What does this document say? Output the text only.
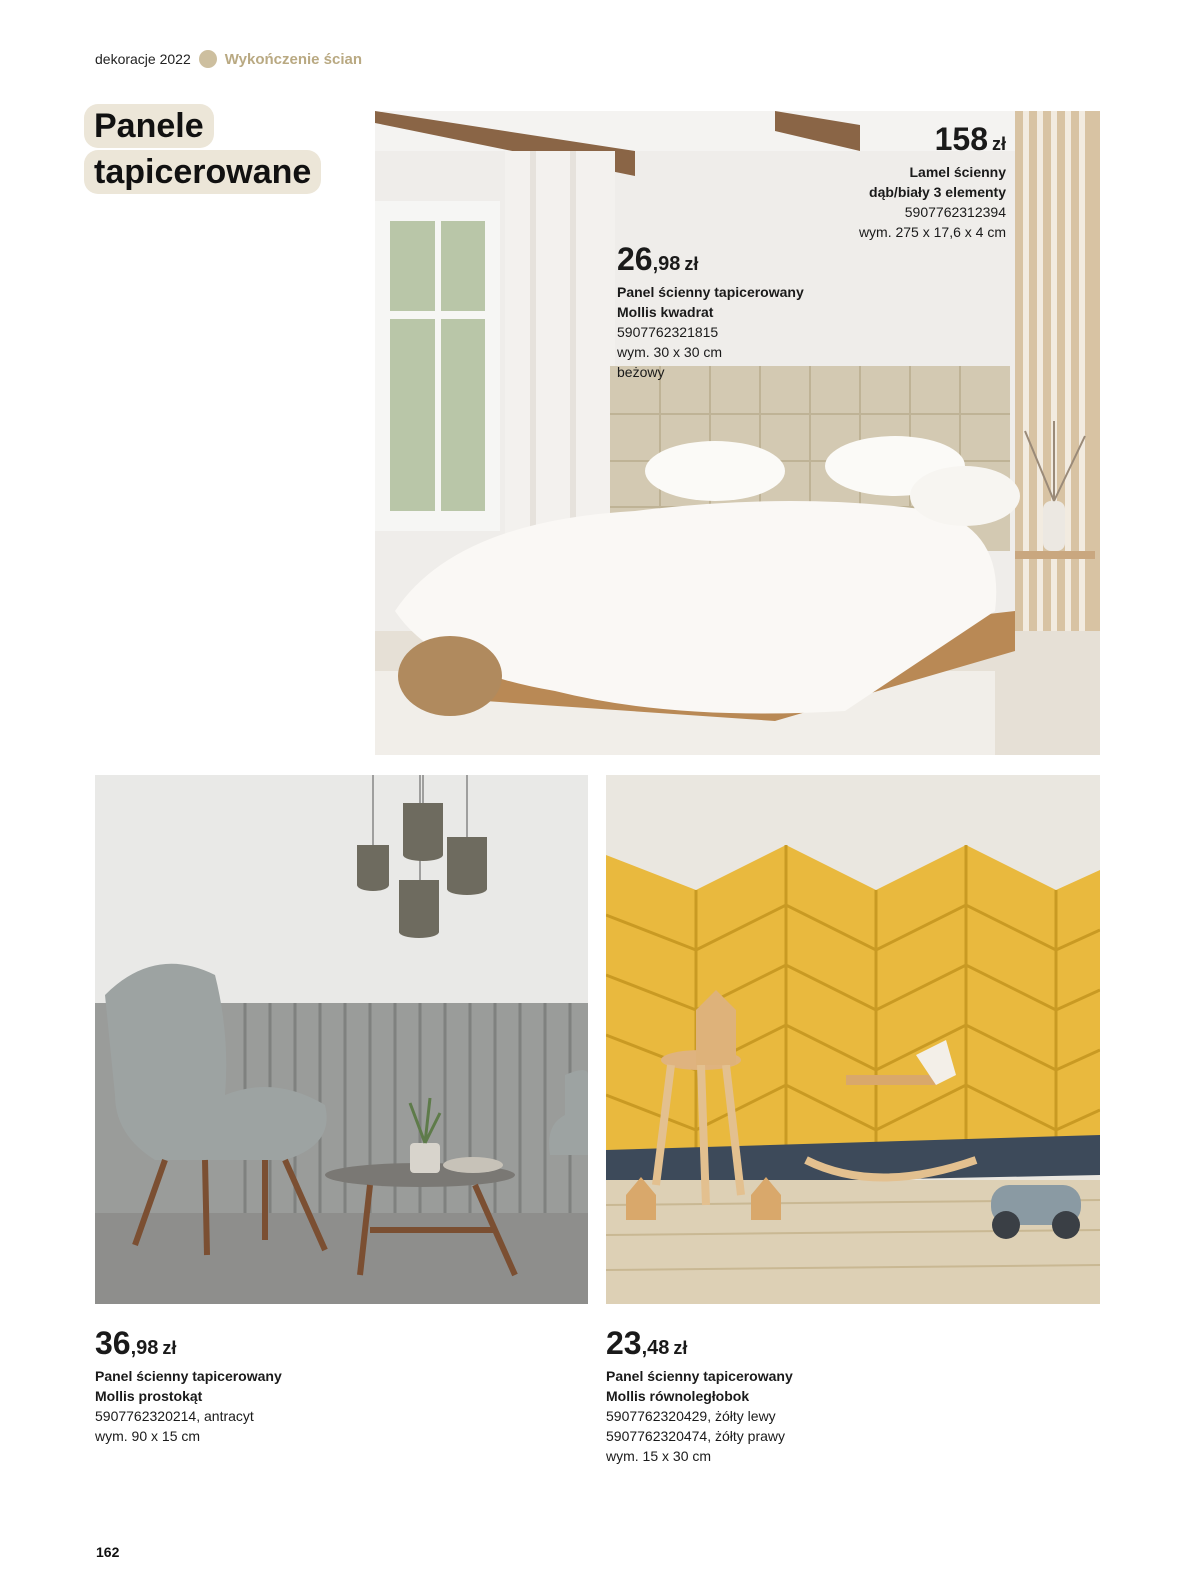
dekoracje 2022 Wykończenie ścian
Panele
tapicerowane
158 zł
Lamel ścienny
dąb/biały 3 elementy
5907762312394
wym. 275 x 17,6 x 4 cm
26,98 zł
Panel ścienny tapicerowany
Mollis kwadrat
5907762321815
wym. 30 x 30 cm
beżowy
36,98 zł
Panel ścienny tapicerowany
Mollis prostokąt
5907762320214, antracyt
wym. 90 x 15 cm
23,48 zł
Panel ścienny tapicerowany
Mollis równoległobok
5907762320429, żółty lewy
5907762320474, żółty prawy
wym. 15 x 30 cm
162
